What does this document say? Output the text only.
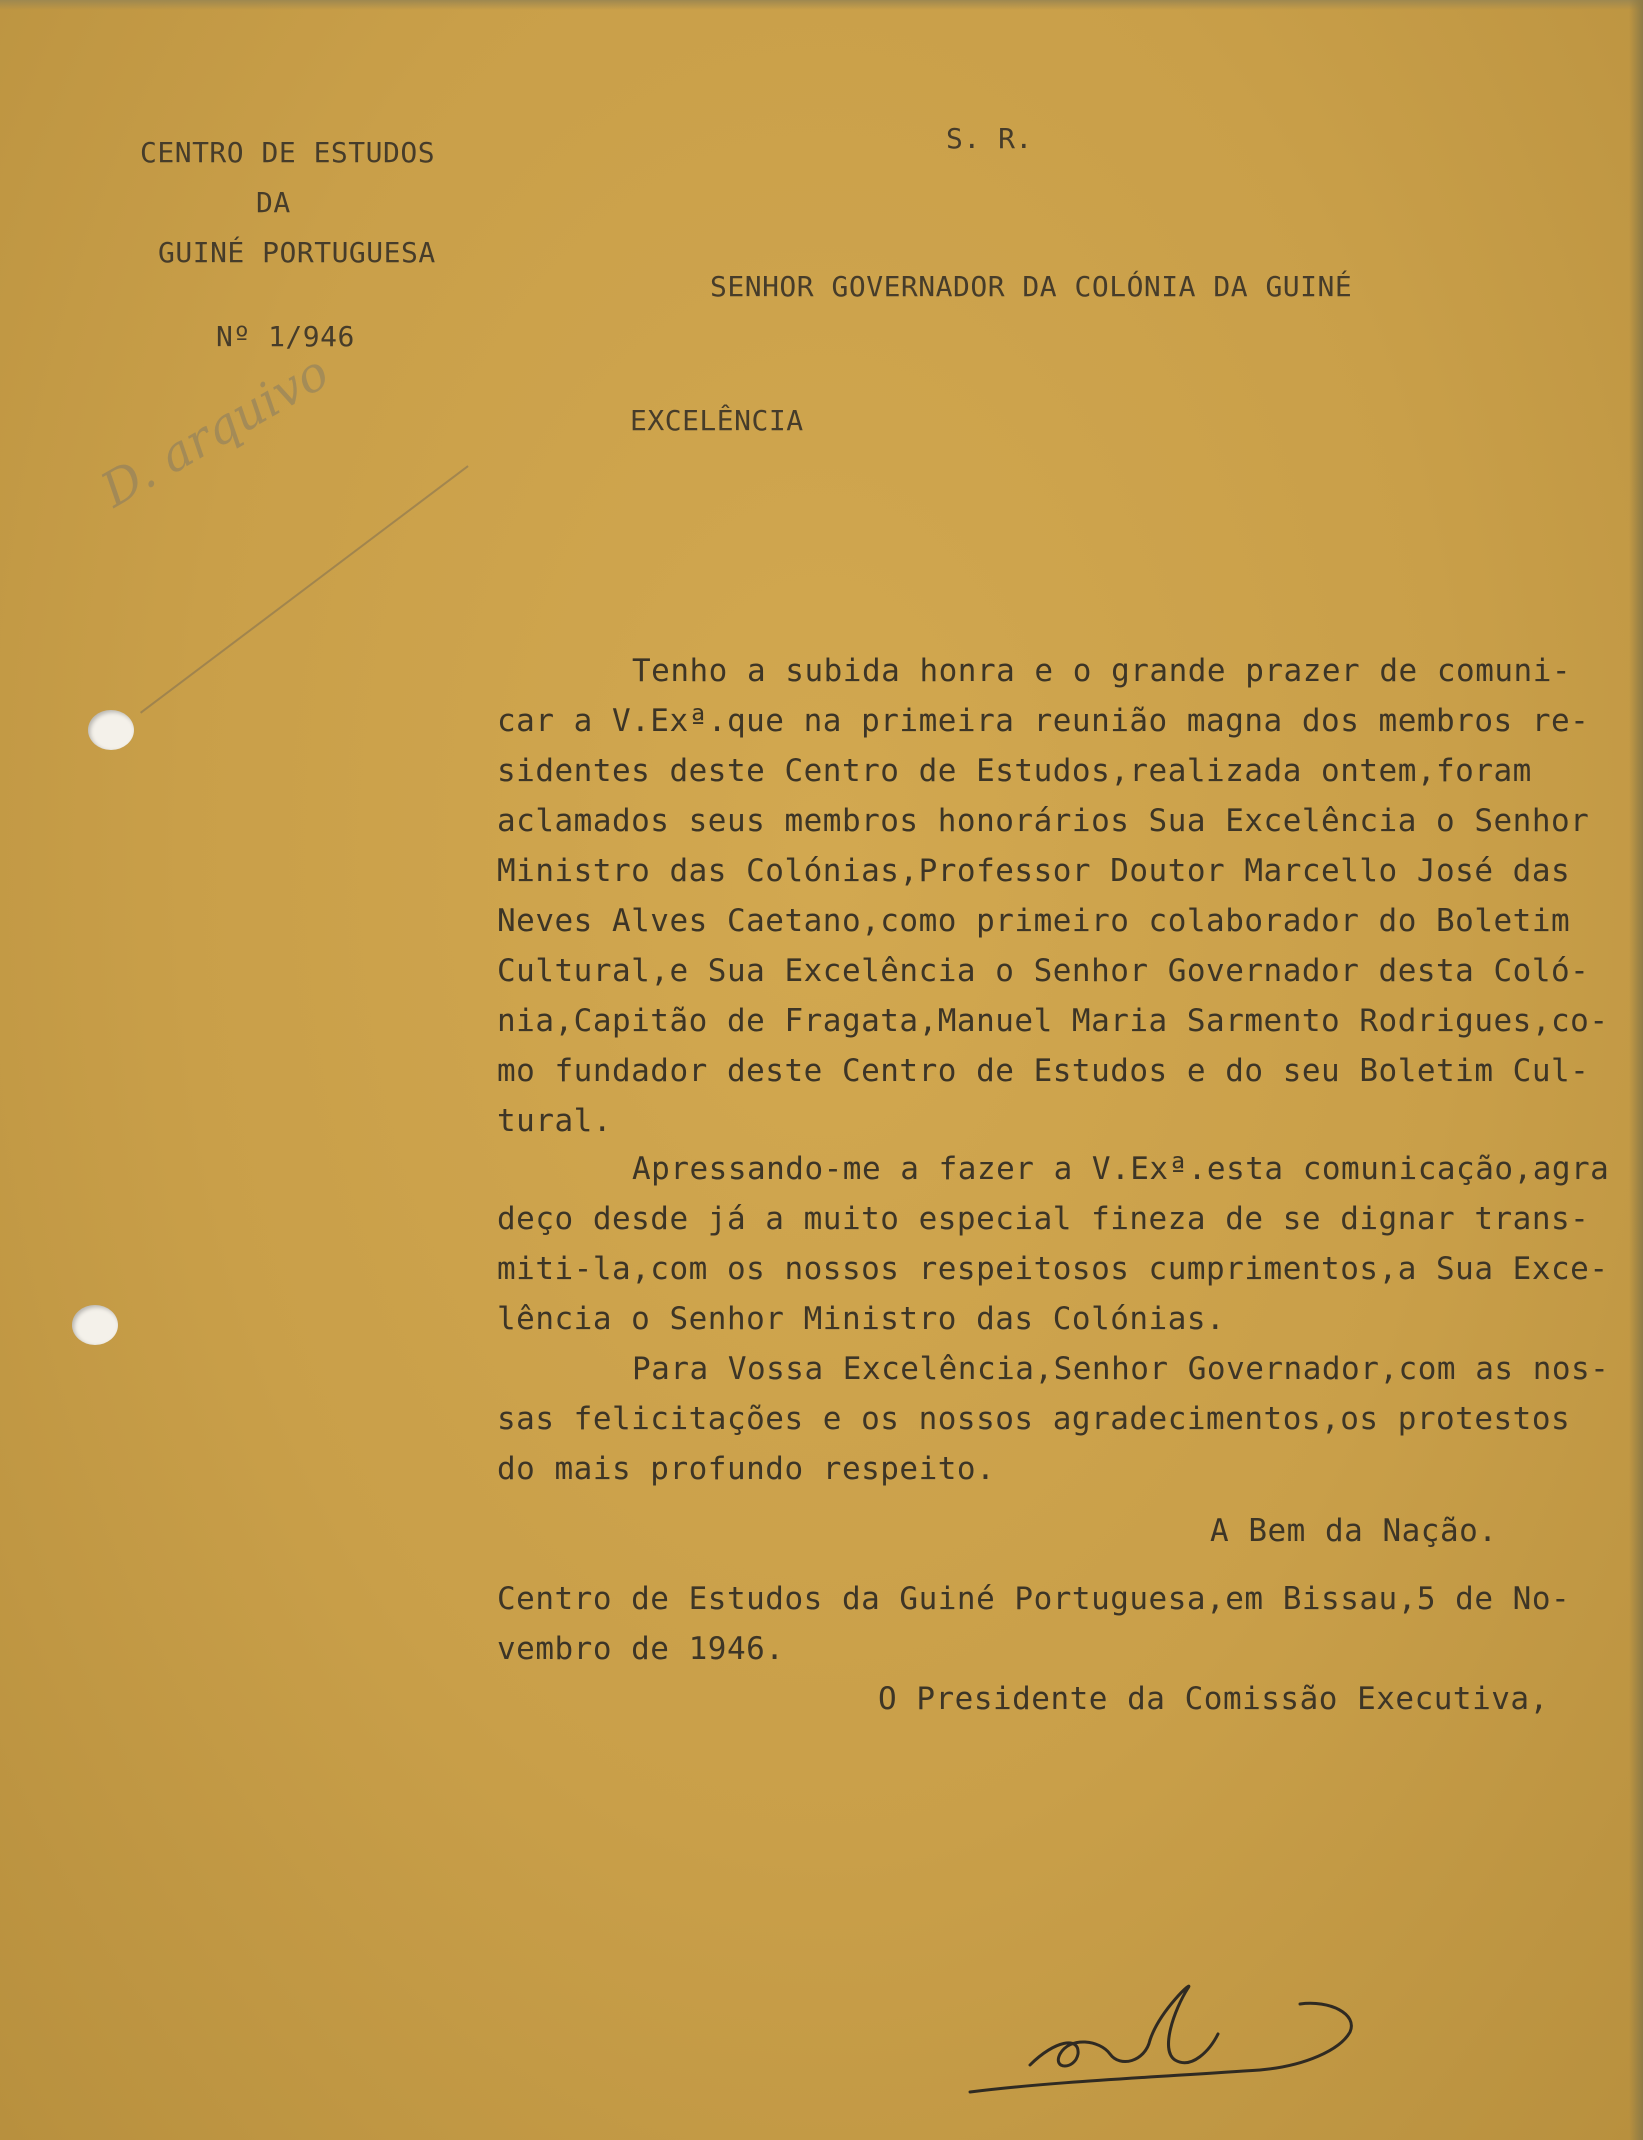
CENTRO DE ESTUDOS
DA
GUINÉ PORTUGUESA
Nº 1/946
S. R.
SENHOR GOVERNADOR DA COLÓNIA DA GUINÉ
EXCELÊNCIA
D. arquivo
Tenho a subida honra e o grande prazer de comuni-
car a V.Exª.que na primeira reunião magna dos membros re-
sidentes deste Centro de Estudos,realizada ontem,foram
aclamados seus membros honorários Sua Excelência o Senhor
Ministro das Colónias,Professor Doutor Marcello José das
Neves Alves Caetano,como primeiro colaborador do Boletim
Cultural,e Sua Excelência o Senhor Governador desta Coló-
nia,Capitão de Fragata,Manuel Maria Sarmento Rodrigues,co-
mo fundador deste Centro de Estudos e do seu Boletim Cul-
tural.
Apressando-me a fazer a V.Exª.esta comunicação,agra
deço desde já a muito especial fineza de se dignar trans-
miti-la,com os nossos respeitosos cumprimentos,a Sua Exce-
lência o Senhor Ministro das Colónias.
Para Vossa Excelência,Senhor Governador,com as nos-
sas felicitações e os nossos agradecimentos,os protestos
do mais profundo respeito.
A Bem da Nação.
Centro de Estudos da Guiné Portuguesa,em Bissau,5 de No-
vembro de 1946.
O Presidente da Comissão Executiva,
